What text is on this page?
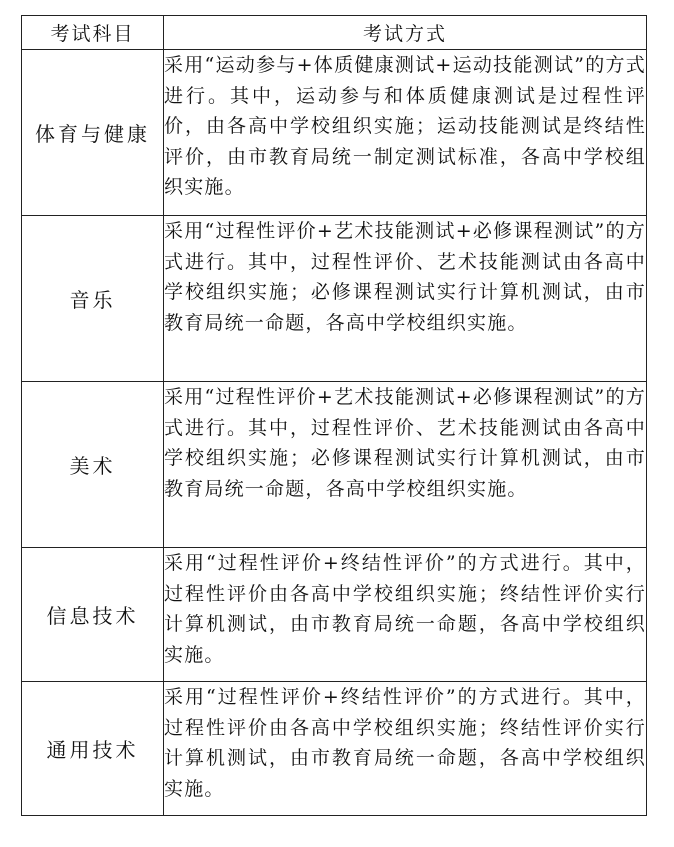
考试科目	考试方式
体育与健康	采用“运动参与+体质健康测试+运动技能测试”的方式进行。其中，运动参与和体质健康测试是过程性评价，由各高中学校组织实施；运动技能测试是终结性评价，由市教育局统一制定测试标准，各高中学校组织实施。
音乐	采用“过程性评价+艺术技能测试+必修课程测试”的方式进行。其中，过程性评价、艺术技能测试由各高中学校组织实施；必修课程测试实行计算机测试，由市教育局统一命题，各高中学校组织实施。
美术	采用“过程性评价+艺术技能测试+必修课程测试”的方式进行。其中，过程性评价、艺术技能测试由各高中学校组织实施；必修课程测试实行计算机测试，由市教育局统一命题，各高中学校组织实施。
信息技术	采用“过程性评价+终结性评价”的方式进行。其中，过程性评价由各高中学校组织实施；终结性评价实行计算机测试，由市教育局统一命题，各高中学校组织实施。
通用技术	采用“过程性评价+终结性评价”的方式进行。其中，过程性评价由各高中学校组织实施；终结性评价实行计算机测试，由市教育局统一命题，各高中学校组织实施。
